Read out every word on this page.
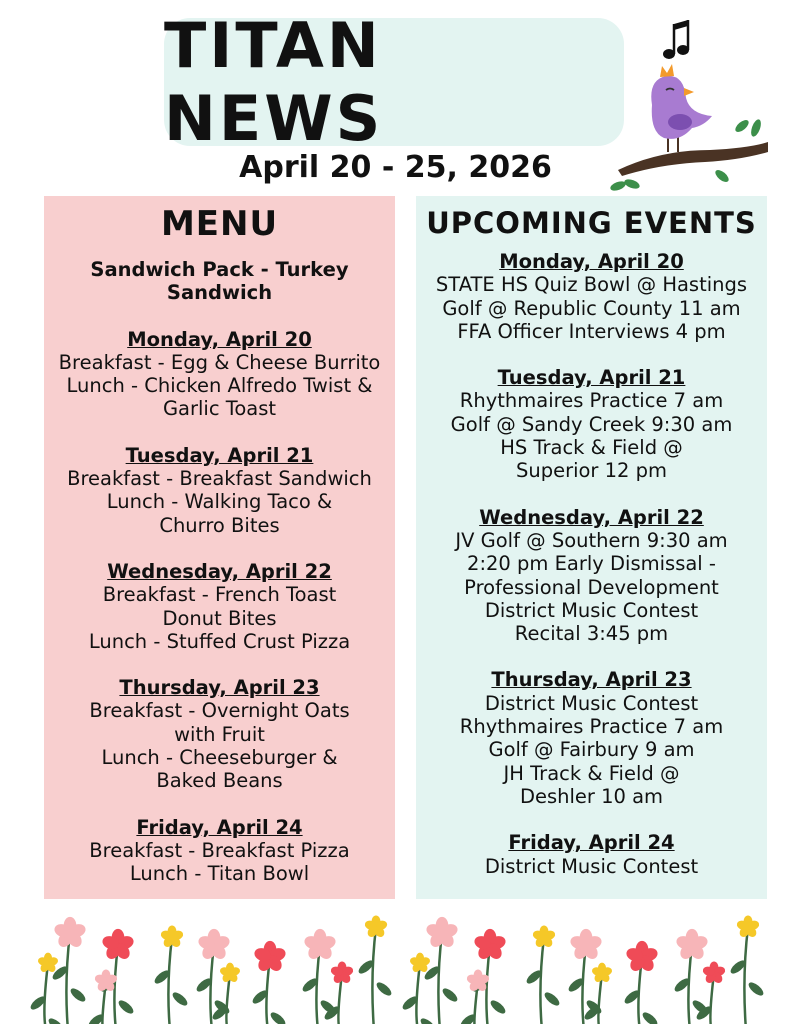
TITAN NEWS
April 20 - 25, 2026
MENU
Sandwich Pack - Turkey
Sandwich
Monday, April 20
Breakfast - Egg & Cheese Burrito
Lunch - Chicken Alfredo Twist &
Garlic Toast
Tuesday, April 21
Breakfast - Breakfast Sandwich
Lunch - Walking Taco &
Churro Bites
Wednesday, April 22
Breakfast - French Toast
Donut Bites
Lunch - Stuffed Crust Pizza
Thursday, April 23
Breakfast - Overnight Oats
with Fruit
Lunch - Cheeseburger &
Baked Beans
Friday, April 24
Breakfast - Breakfast Pizza
Lunch - Titan Bowl
UPCOMING EVENTS
Monday, April 20
STATE HS Quiz Bowl @ Hastings
Golf @ Republic County 11 am
FFA Officer Interviews 4 pm
Tuesday, April 21
Rhythmaires Practice 7 am
Golf @ Sandy Creek 9:30 am
HS Track & Field @
Superior 12 pm
Wednesday, April 22
JV Golf @ Southern 9:30 am
2:20 pm Early Dismissal -
Professional Development
District Music Contest
Recital 3:45 pm
Thursday, April 23
District Music Contest
Rhythmaires Practice 7 am
Golf @ Fairbury 9 am
JH Track & Field @
Deshler 10 am
Friday, April 24
District Music Contest
